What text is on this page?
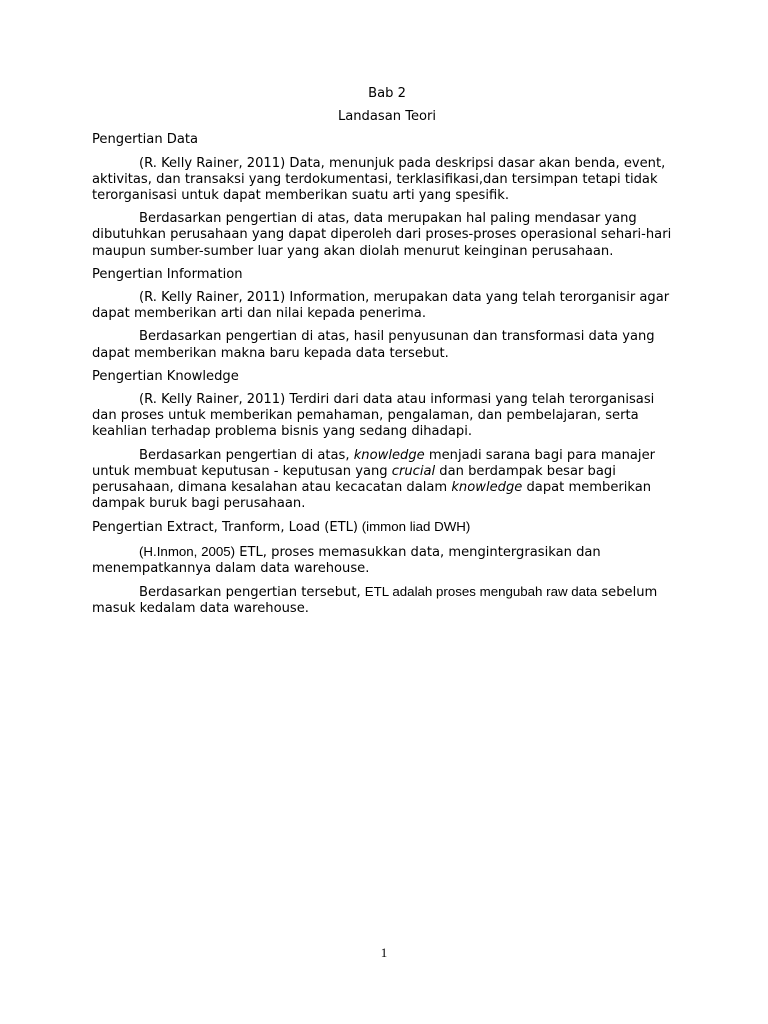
Bab 2
Landasan Teori
Pengertian Data

(R. Kelly Rainer, 2011) Data, menunjuk pada deskripsi dasar akan benda, event, aktivitas, dan transaksi yang terdokumentasi, terklasifikasi,dan tersimpan tetapi tidak terorganisasi untuk dapat memberikan suatu arti yang spesifik.

Berdasarkan pengertian di atas, data merupakan hal paling mendasar yang dibutuhkan perusahaan yang dapat diperoleh dari proses-proses operasional sehari-hari maupun sumber-sumber luar yang akan diolah menurut keinginan perusahaan.

Pengertian Information

(R. Kelly Rainer, 2011) Information, merupakan data yang telah terorganisir agar dapat memberikan arti dan nilai kepada penerima.

Berdasarkan pengertian di atas, hasil penyusunan dan transformasi data yang dapat memberikan makna baru kepada data tersebut.

Pengertian Knowledge

(R. Kelly Rainer, 2011) Terdiri dari data atau informasi yang telah terorganisasi dan proses untuk memberikan pemahaman, pengalaman, dan pembelajaran, serta keahlian terhadap problema bisnis yang sedang dihadapi.

Berdasarkan pengertian di atas, knowledge menjadi sarana bagi para manajer untuk membuat keputusan - keputusan yang crucial dan berdampak besar bagi perusahaan, dimana kesalahan atau kecacatan dalam knowledge dapat memberikan dampak buruk bagi perusahaan.

Pengertian Extract, Tranform, Load (ETL) (immon liad DWH)

(H.Inmon, 2005) ETL, proses memasukkan data, mengintergrasikan dan menempatkannya dalam data warehouse.

Berdasarkan pengertian tersebut, ETL adalah proses mengubah raw data sebelum masuk kedalam data warehouse.

1
